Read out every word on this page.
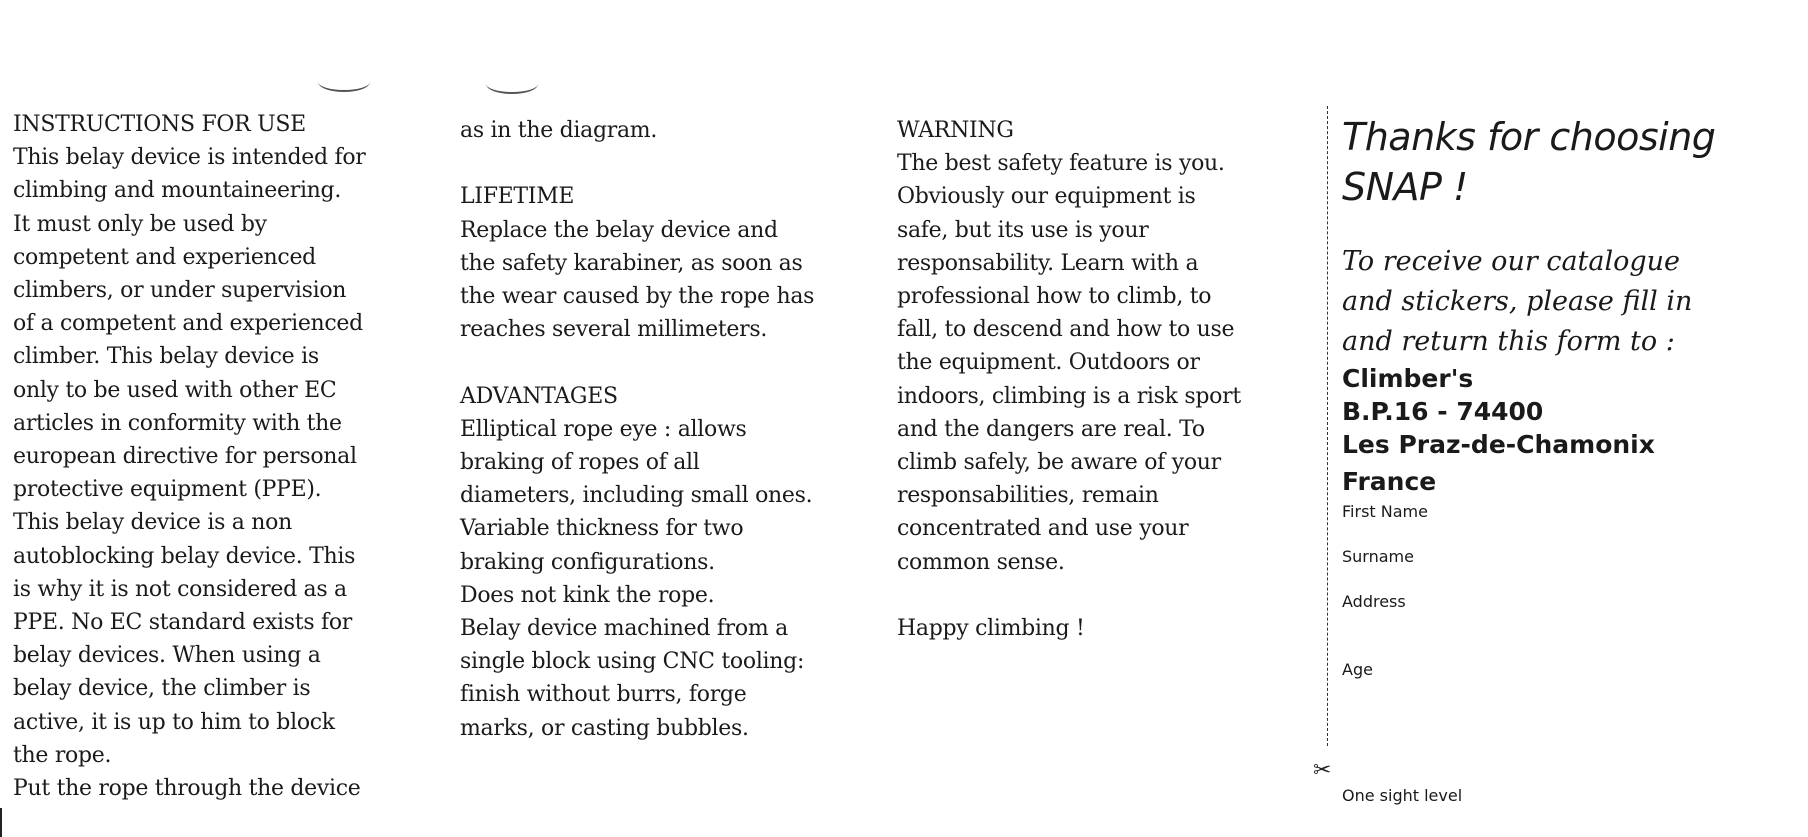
INSTRUCTIONS FOR USE

This belay device is intended for

climbing and mountaineering.

It must only be used by

competent and experienced

climbers, or under supervision

of a competent and experienced

climber. This belay device is

only to be used with other EC

articles in conformity with the

european directive for personal

protective equipment (PPE).

This belay device is a non

autoblocking belay device. This

is why it is not considered as a

PPE. No EC standard exists for

belay devices. When using a

belay device, the climber is

active, it is up to him to block

the rope.

Put the rope through the device

as in the diagram.

LIFETIME

Replace the belay device and

the safety karabiner, as soon as

the wear caused by the rope has

reaches several millimeters.

ADVANTAGES

Elliptical rope eye : allows

braking of ropes of all

diameters, including small ones.

Variable thickness for two

braking configurations.

Does not kink the rope.

Belay device machined from a

single block using CNC tooling:

finish without burrs, forge

marks, or casting bubbles.

WARNING

The best safety feature is you.

Obviously our equipment is

safe, but its use is your

responsability. Learn with a

professional how to climb, to

fall, to descend and how to use

the equipment. Outdoors or

indoors, climbing is a risk sport

and the dangers are real. To

climb safely, be aware of your

responsabilities, remain

concentrated and use your

common sense.

Happy climbing !

✂

Thanks for choosing

SNAP !

To receive our catalogue

and stickers, please fill in

and return this form to :

Climber's

B.P.16 - 74400

Les Praz-de-Chamonix

France

First Name

Surname

Address

Age

One sight level
